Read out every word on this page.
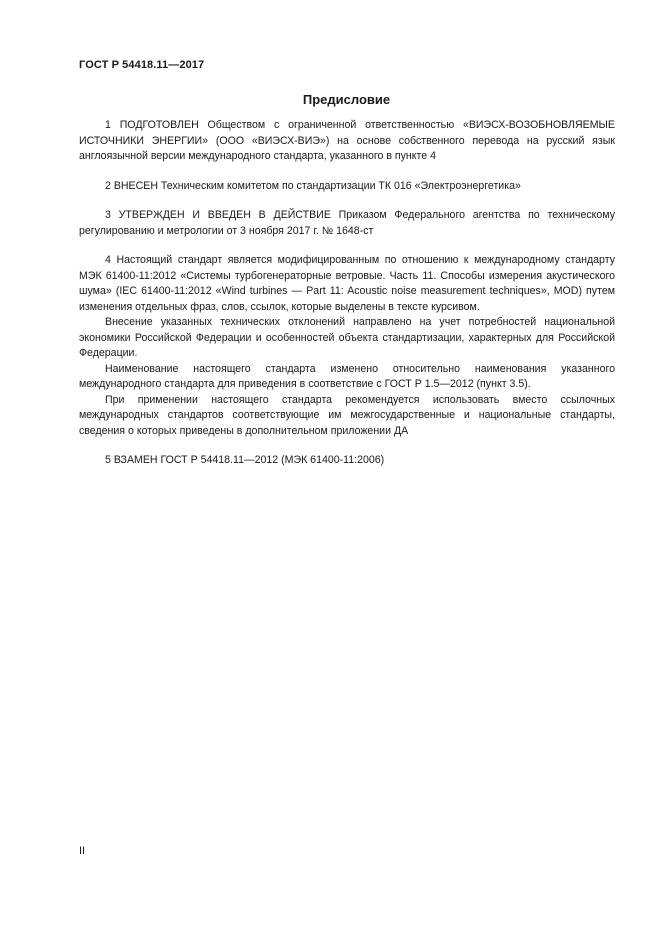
ГОСТ Р 54418.11—2017
Предисловие

1 ПОДГОТОВЛЕН Обществом с ограниченной ответственностью «ВИЭСХ-ВОЗОБНОВЛЯЕМЫЕ ИСТОЧНИКИ ЭНЕРГИИ» (ООО «ВИЭСХ-ВИЭ») на основе собственного перевода на русский язык англоязычной версии международного стандарта, указанного в пункте 4

2 ВНЕСЕН Техническим комитетом по стандартизации ТК 016 «Электроэнергетика»

3 УТВЕРЖДЕН И ВВЕДЕН В ДЕЙСТВИЕ Приказом Федерального агентства по техническому регулированию и метрологии от 3 ноября 2017 г. № 1648-ст

4 Настоящий стандарт является модифицированным по отношению к международному стандарту МЭК 61400-11:2012 «Системы турбогенераторные ветровые. Часть 11. Способы измерения акустического шума» (IEC 61400-11:2012 «Wind turbines — Part 11: Acoustic noise measurement techniques», MOD) путем изменения отдельных фраз, слов, ссылок, которые выделены в тексте курсивом.

Внесение указанных технических отклонений направлено на учет потребностей национальной экономики Российской Федерации и особенностей объекта стандартизации, характерных для Российской Федерации.

Наименование настоящего стандарта изменено относительно наименования указанного международного стандарта для приведения в соответствие с ГОСТ Р 1.5—2012 (пункт 3.5).

При применении настоящего стандарта рекомендуется использовать вместо ссылочных международных стандартов соответствующие им межгосударственные и национальные стандарты, сведения о которых приведены в дополнительном приложении ДА

5 ВЗАМЕН ГОСТ Р 54418.11—2012 (МЭК 61400-11:2006)

II
